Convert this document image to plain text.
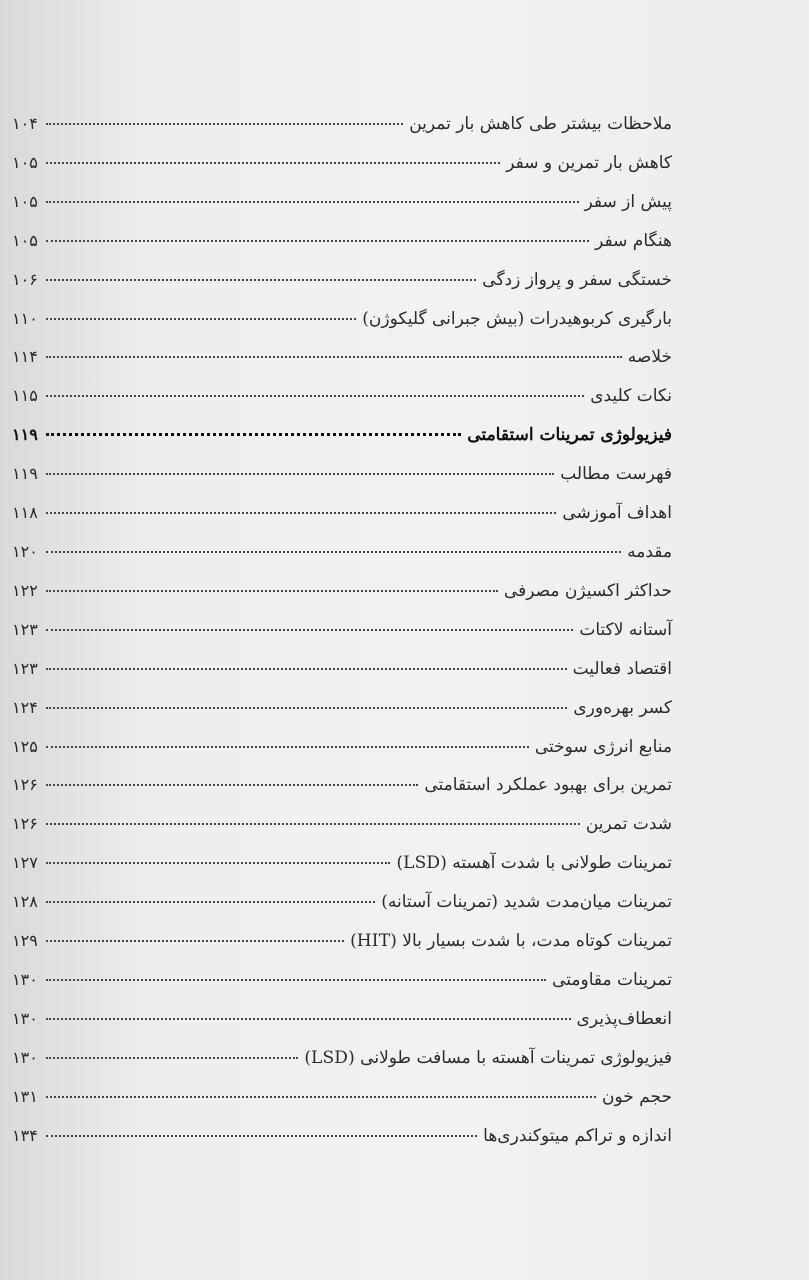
ملاحظات بیشتر طی کاهش بار تمرین
۱۰۴
کاهش بار تمرین و سفر
۱۰۵
پیش از سفر
۱۰۵
هنگام سفر
۱۰۵
خستگی سفر و پرواز زدگی
۱۰۶
بارگیری کربوهیدرات (بیش جبرانی گلیکوژن)
۱۱۰
خلاصه
۱۱۴
نکات کلیدی
۱۱۵
فیزیولوژی تمرینات استقامتی
۱۱۹
فهرست مطالب
۱۱۹
اهداف آموزشی
۱۱۸
مقدمه
۱۲۰
حداکثر اکسیژن مصرفی
۱۲۲
آستانه لاکتات
۱۲۳
اقتصاد فعالیت
۱۲۳
کسر بهره‌وری
۱۲۴
منابع انرژی سوختی
۱۲۵
تمرین برای بهبود عملکرد استقامتی
۱۲۶
شدت تمرین
۱۲۶
تمرینات طولانی با شدت آهسته (LSD)
۱۲۷
تمرینات میان‌مدت شدید (تمرینات آستانه)
۱۲۸
تمرینات کوتاه مدت، با شدت بسیار بالا (HIT)
۱۲۹
تمرینات مقاومتی
۱۳۰
انعطاف‌پذیری
۱۳۰
فیزیولوژی تمرینات آهسته با مسافت طولانی (LSD)
۱۳۰
حجم خون
۱۳۱
اندازه و تراکم میتوکندری‌ها
۱۳۴
